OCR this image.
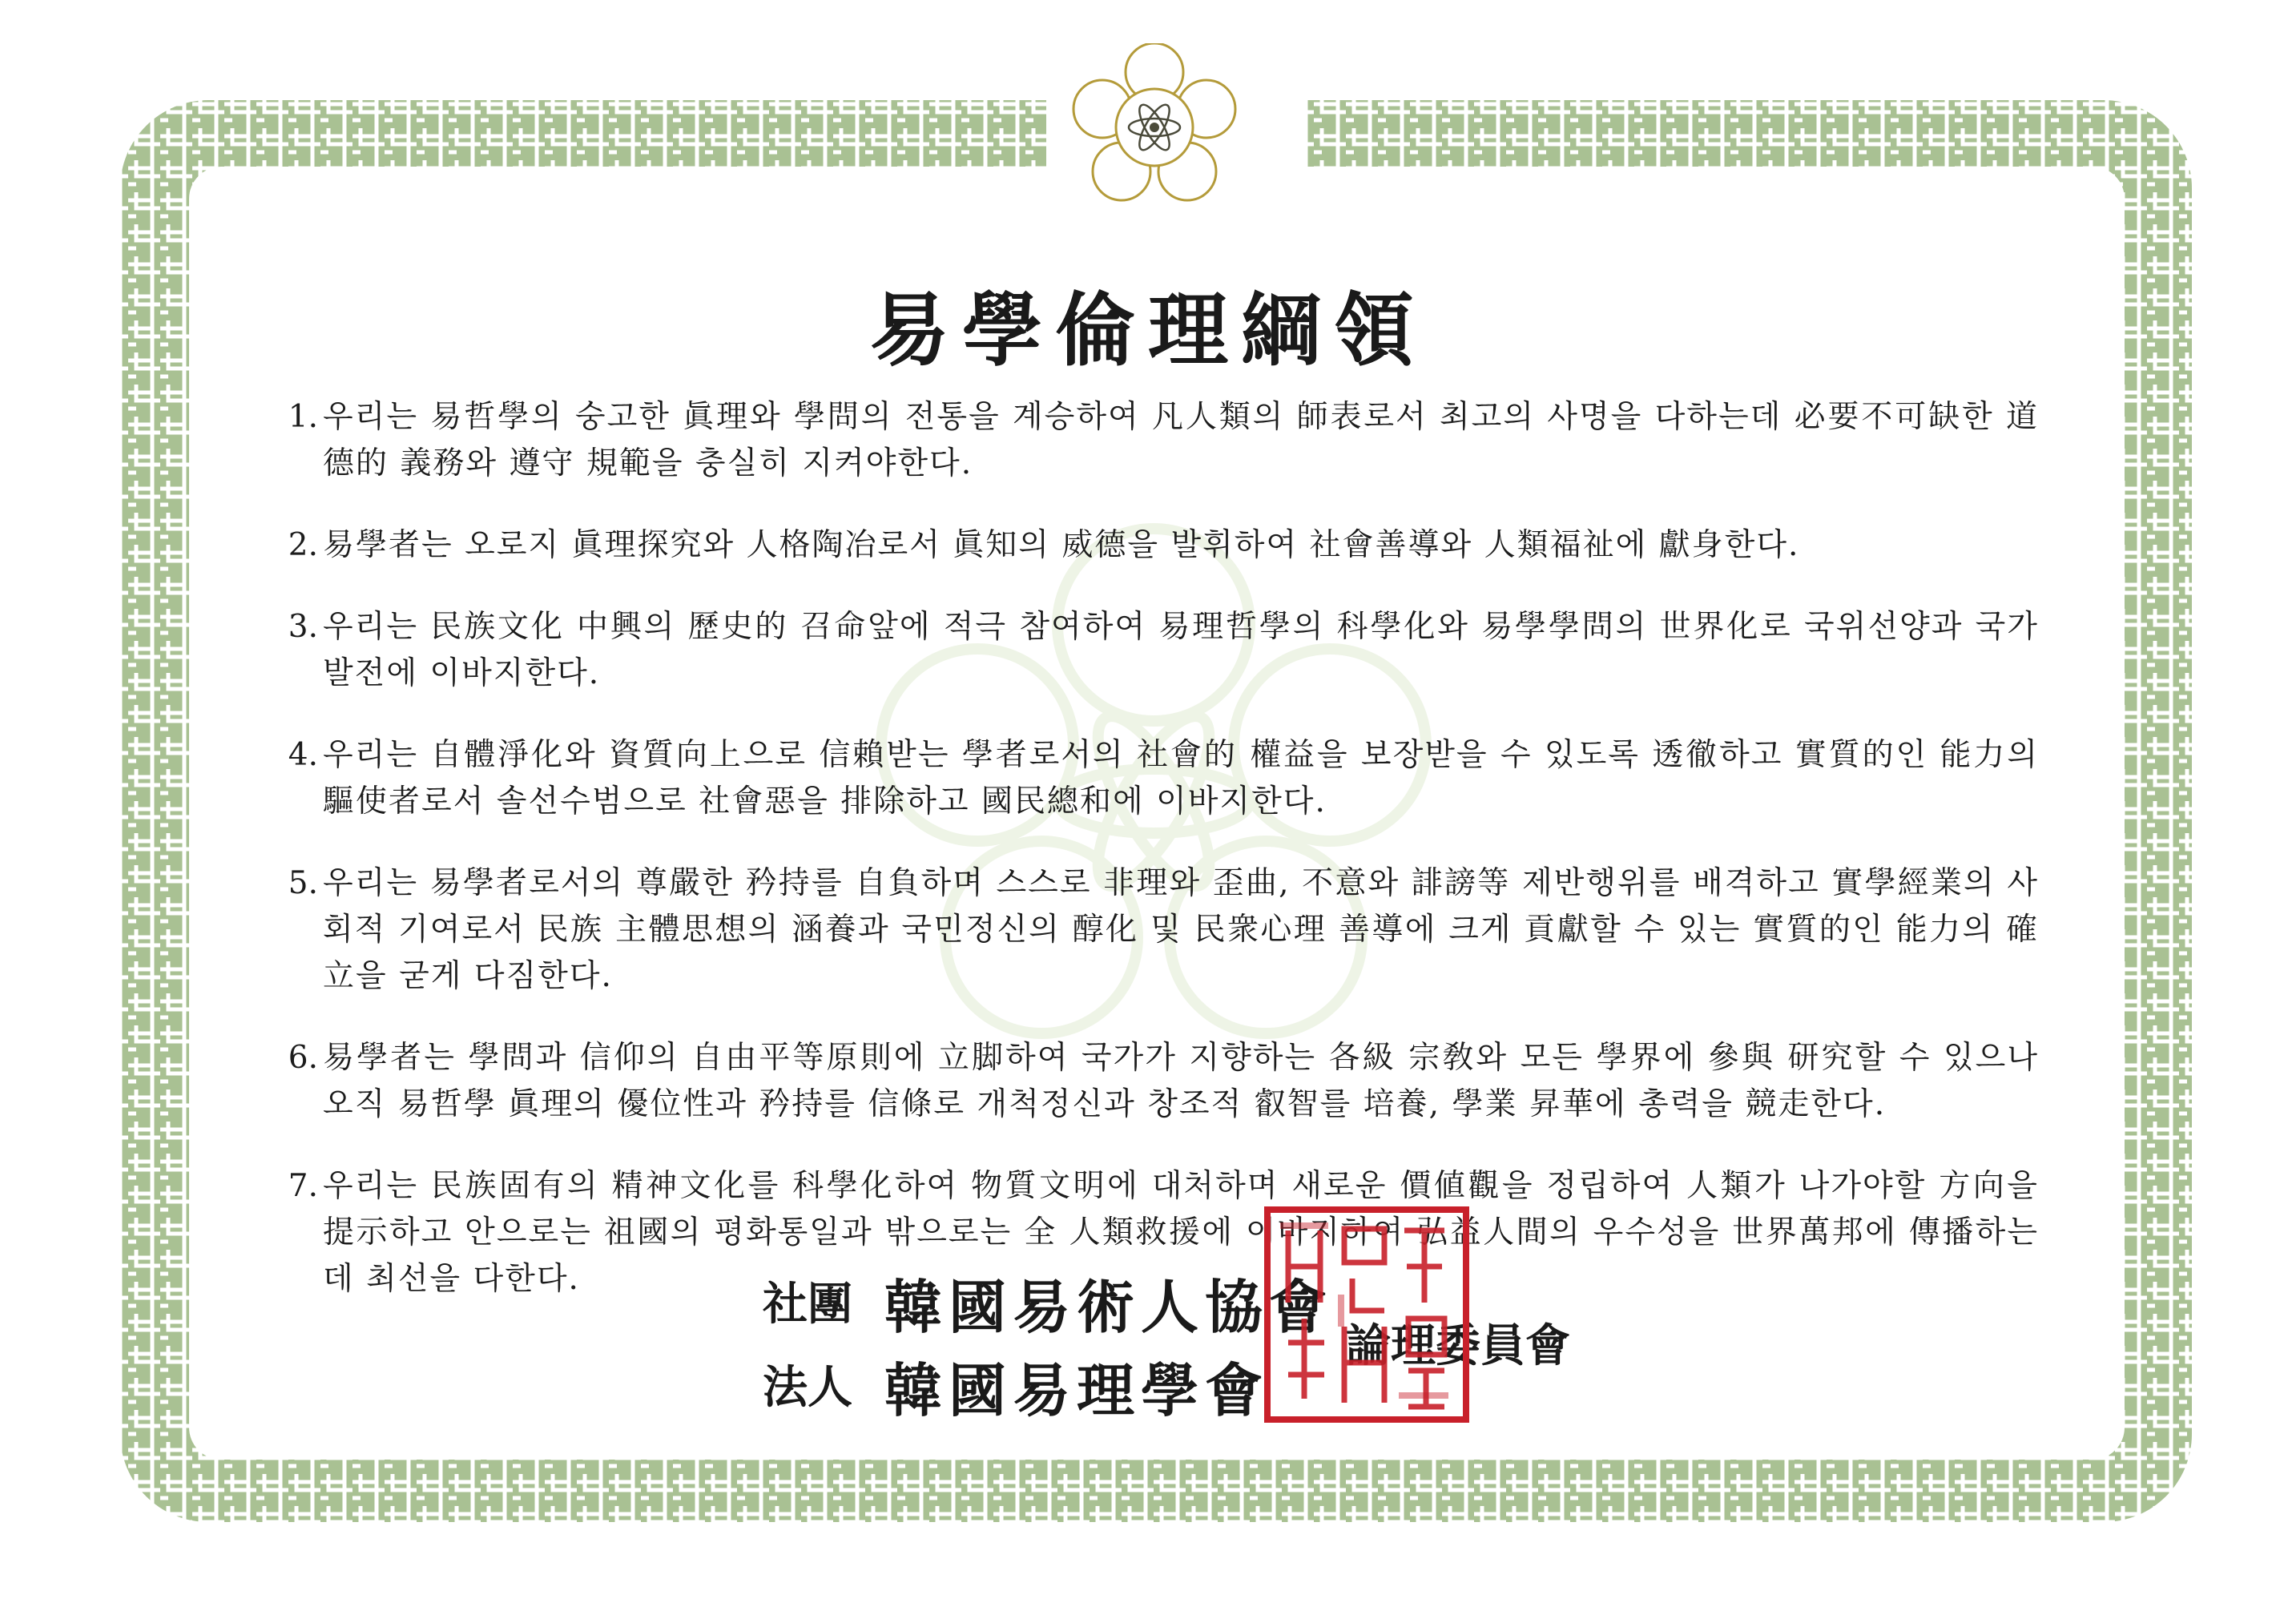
易學倫理綱領
1. 우리는 易哲學의 숭고한 眞理와 學問의 전통을 계승하여 凡人類의 師表로서 최고의 사명을 다하는데 必要不可缺한 道德的 義務와 遵守 規範을 충실히 지켜야한다.
2. 易學者는 오로지 眞理探究와 人格陶冶로서 眞知의 威德을 발휘하여 社會善導와 人類福祉에 獻身한다.
3. 우리는 民族文化 中興의 歷史的 召命앞에 적극 참여하여 易理哲學의 科學化와 易學學問의 世界化로 국위선양과 국가발전에 이바지한다.
4. 우리는 自體淨化와 資質向上으로 信賴받는 學者로서의 社會的 權益을 보장받을 수 있도록 透徹하고 實質的인 能力의 驅使者로서 솔선수범으로 社會惡을 排除하고 國民總和에 이바지한다.
5. 우리는 易學者로서의 尊嚴한 矜持를 自負하며 스스로 非理와 歪曲, 不意와 誹謗等 제반행위를 배격하고 實學經業의 사회적 기여로서 民族 主體思想의 涵養과 국민정신의 醇化 및 民衆心理 善導에 크게 貢獻할 수 있는 實質的인 能力의 確立을 굳게 다짐한다.
6. 易學者는 學問과 信仰의 自由平等原則에 立脚하여 국가가 지향하는 各級 宗敎와 모든 學界에 參與 研究할 수 있으나 오직 易哲學 眞理의 優位性과 矜持를 信條로 개척정신과 창조적 叡智를 培養, 學業 昇華에 총력을 競走한다.
7. 우리는 民族固有의 精神文化를 科學化하여 物質文明에 대처하며 새로운 價値觀을 정립하여 人類가 나가야할 方向을 提示하고 안으로는 祖國의 평화통일과 밖으로는 全 人類救援에 이바지하여 弘益人間의 우수성을 世界萬邦에 傳播하는데 최선을 다한다.	社團 韓國易術人協會
法人 韓國易理學會
論理委員會
